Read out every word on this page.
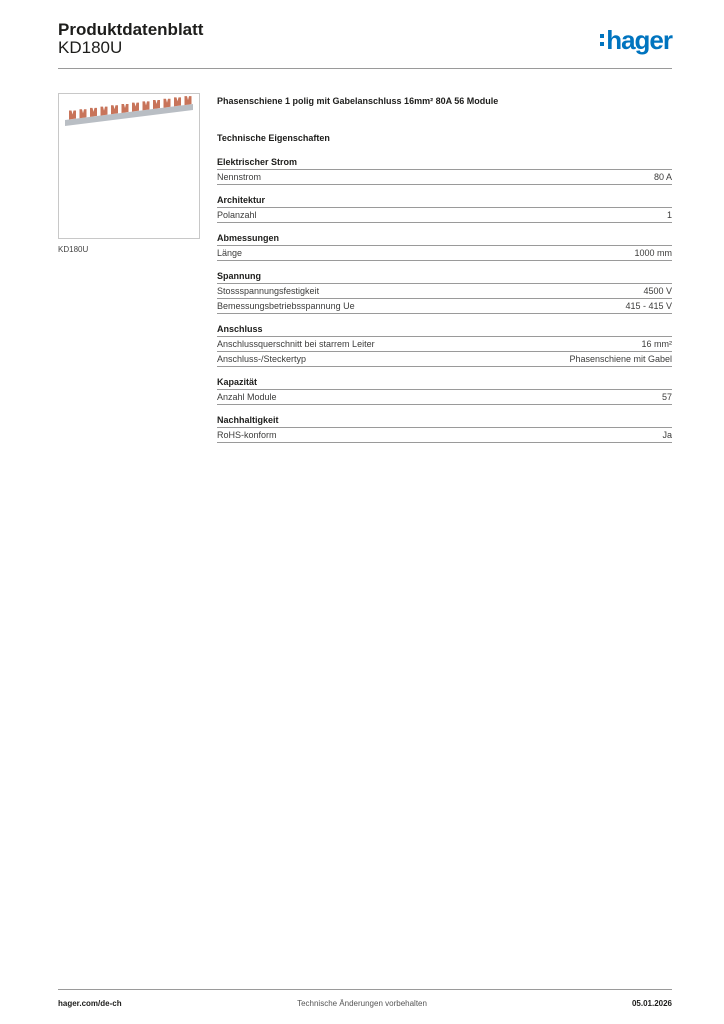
Produktdatenblatt
KD180U	hager
KD180U
Phasenschiene 1 polig mit Gabelanschluss 16mm² 80A 56 Module
Technische Eigenschaften
Elektrischer Strom
Nennstrom	80 A
Architektur
Polanzahl	1
Abmessungen
Länge	1000 mm
Spannung
Stossspannungsfestigkeit	4500 V
Bemessungsbetriebsspannung Ue	415 - 415 V
Anschluss
Anschlussquerschnitt bei starrem Leiter	16 mm²
Anschluss-/Steckertyp	Phasenschiene mit Gabel
Kapazität
Anzahl Module	57
Nachhaltigkeit
RoHS-konform	Ja
hager.com/de-ch	Technische Änderungen vorbehalten	05.01.2026
